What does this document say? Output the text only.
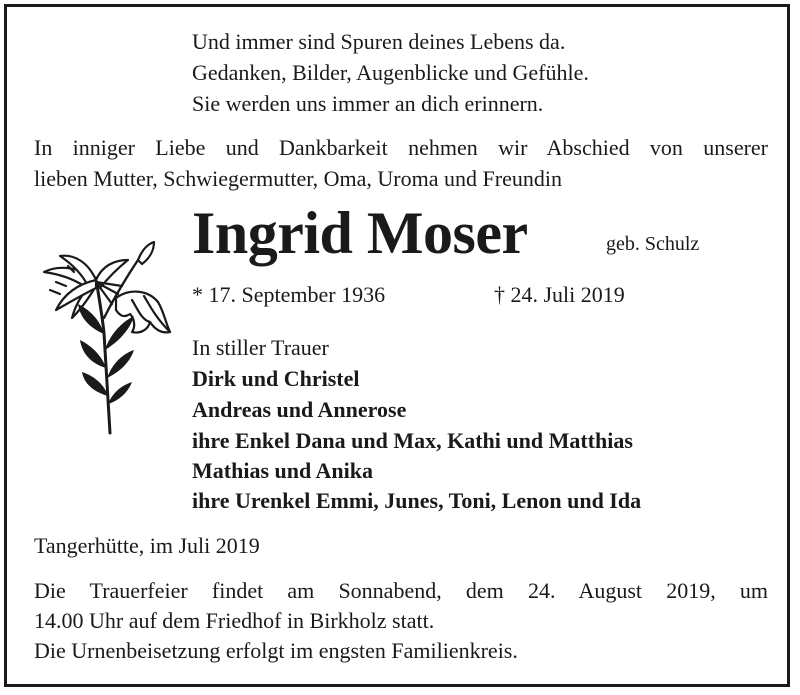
Und immer sind Spuren deines Lebens da.
Gedanken, Bilder, Augenblicke und Gefühle.
Sie werden uns immer an dich erinnern.
In inniger Liebe und Dankbarkeit nehmen wir Abschied von unserer
lieben Mutter, Schwiegermutter, Oma, Uroma und Freundin
Ingrid Moser	geb. Schulz
* 17. September 1936	† 24. Juli 2019
In stiller Trauer
Dirk und Christel
Andreas und Annerose
ihre Enkel Dana und Max, Kathi und Matthias
Mathias und Anika
ihre Urenkel Emmi, Junes, Toni, Lenon und Ida
Tangerhütte, im Juli 2019
Die Trauerfeier findet am Sonnabend, dem 24. August 2019, um
14.00 Uhr auf dem Friedhof in Birkholz statt.
Die Urnenbeisetzung erfolgt im engsten Familienkreis.
